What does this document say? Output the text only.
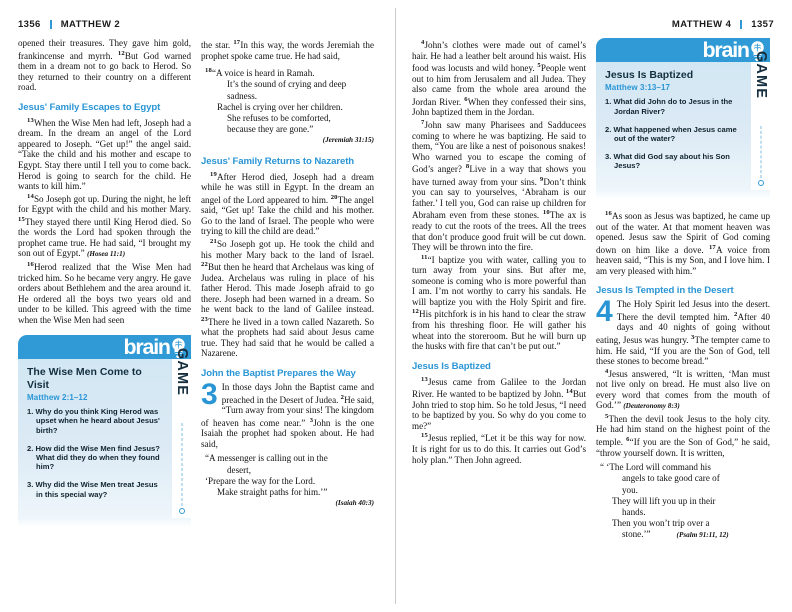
1356 MATTHEW 2

opened their treasures. They gave him gold, frankincense and myrrh. $^{12}$But God warned them in a dream not to go back to Herod. So they returned to their country on a different road.

Jesus' Family Escapes to Egypt

$^{13}$When the Wise Men had left, Joseph had a dream. In the dream an angel of the Lord appeared to Joseph. “Get up!” the angel said. “Take the child and his mother and escape to Egypt. Stay there until I tell you to come back. Herod is going to search for the child. He wants to kill him.”

$^{14}$So Joseph got up. During the night, he left for Egypt with the child and his mother Mary. $^{15}$They stayed there until King Herod died. So the words the Lord had spoken through the prophet came true. He had said, “I brought my son out of Egypt.” (Hosea 11:1)

$^{16}$Herod realized that the Wise Men had tricked him. So he became very angry. He gave orders about Bethlehem and the area around it. He ordered all the boys two years old and under to be killed. This agreed with the time when the Wise Men had seen

brain
The Wise Men Come to Visit
Matthew 2:1–12
1. Why do you think King Herod was upset when he heard about Jesus' birth?
2. How did the Wise Men find Jesus? What did they do when they found him?
3. Why did the Wise Men treat Jesus in this special way?
GAME

the star. $^{17}$In this way, the words Jeremiah the prophet spoke came true. He had said,

$^{18}$“A voice is heard in Ramah.
It’s the sound of crying and deep
sadness.
Rachel is crying over her children.
She refuses to be comforted,
because they are gone.”
(Jeremiah 31:15)
Jesus' Family Returns to Nazareth

$^{19}$After Herod died, Joseph had a dream while he was still in Egypt. In the dream an angel of the Lord appeared to him. $^{20}$The angel said, “Get up! Take the child and his mother. Go to the land of Israel. The people who were trying to kill the child are dead.”

$^{21}$So Joseph got up. He took the child and his mother Mary back to the land of Israel. $^{22}$But then he heard that Archelaus was king of Judea. Archelaus was ruling in place of his father Herod. This made Joseph afraid to go there. Joseph had been warned in a dream. So he went back to the land of Galilee instead. $^{23}$There he lived in a town called Nazareth. So what the prophets had said about Jesus came true. They had said that he would be called a Nazarene.

John the Baptist Prepares the Way

3 In those days John the Baptist came and preached in the Desert of Judea. $^2$He said, “Turn away from your sins! The kingdom of heaven has come near.” $^3$John is the one Isaiah the prophet had spoken about. He had said,

“A messenger is calling out in the
desert,
‘Prepare the way for the Lord.
Make straight paths for him.’”
(Isaiah 40:3)
MATTHEW 4 1357

$^4$John’s clothes were made out of camel’s hair. He had a leather belt around his waist. His food was locusts and wild honey. $^5$People went out to him from Jerusalem and all Judea. They also came from the whole area around the Jordan River. $^6$When they confessed their sins, John baptized them in the Jordan.

$^7$John saw many Pharisees and Sadducees coming to where he was baptizing. He said to them, “You are like a nest of poisonous snakes! Who warned you to escape the coming of God’s anger? $^8$Live in a way that shows you have turned away from your sins. $^9$Don’t think you can say to yourselves, ‘Abraham is our father.’ I tell you, God can raise up children for Abraham even from these stones. $^{10}$The ax is ready to cut the roots of the trees. All the trees that don’t produce good fruit will be cut down. They will be thrown into the fire.

$^{11}$“I baptize you with water, calling you to turn away from your sins. But after me, someone is coming who is more powerful than I am. I’m not worthy to carry his sandals. He will baptize you with the Holy Spirit and fire. $^{12}$His pitchfork is in his hand to clear the straw from his threshing floor. He will gather his wheat into the storeroom. But he will burn up the husks with fire that can’t be put out.”

Jesus Is Baptized

$^{13}$Jesus came from Galilee to the Jordan River. He wanted to be baptized by John. $^{14}$But John tried to stop him. So he told Jesus, “I need to be baptized by you. So why do you come to me?”

$^{15}$Jesus replied, “Let it be this way for now. It is right for us to do this. It carries out God’s holy plan.” Then John agreed.

brain
Jesus Is Baptized
Matthew 3:13–17
1. What did John do to Jesus in the Jordan River?
2. What happened when Jesus came out of the water?
3. What did God say about his Son Jesus?
GAME

$^{16}$As soon as Jesus was baptized, he came up out of the water. At that moment heaven was opened. Jesus saw the Spirit of God coming down on him like a dove. $^{17}$A voice from heaven said, “This is my Son, and I love him. I am very pleased with him.”

Jesus Is Tempted in the Desert

4 The Holy Spirit led Jesus into the desert. There the devil tempted him. $^2$After 40 days and 40 nights of going without eating, Jesus was hungry. $^3$The tempter came to him. He said, “If you are the Son of God, tell these stones to become bread.”

$^4$Jesus answered, “It is written, ‘Man must not live only on bread. He must also live on every word that comes from the mouth of God.’” (Deuteronomy 8:3)

$^5$Then the devil took Jesus to the holy city. He had him stand on the highest point of the temple. $^6$“If you are the Son of God,” he said, “throw yourself down. It is written,

“ ‘The Lord will command his
angels to take good care of
you.
They will lift you up in their
hands.
Then you won’t trip over a
stone.’”	(Psalm 91:11, 12)
